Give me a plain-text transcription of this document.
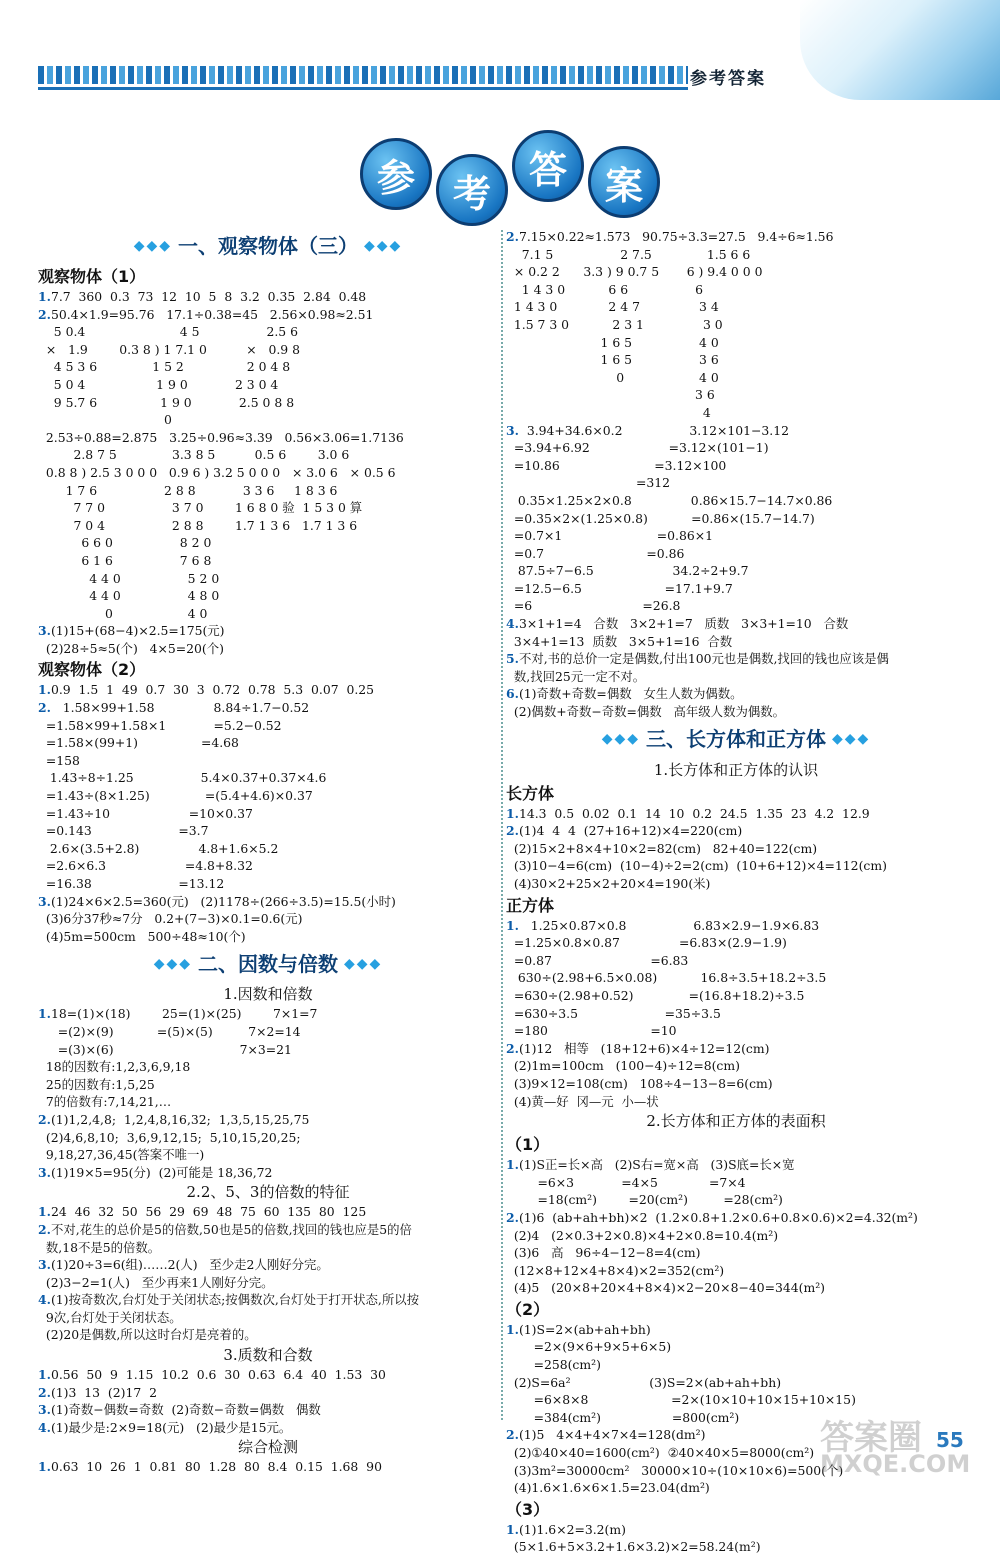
参考答案
参 考
答 案
◆◆◆ 一、观察物体（三） ◆◆◆
观察物体（1）
1.7.7  360  0.3  73  12  10  5  8  3.2  0.35  2.84  0.48
2.50.4×1.9=95.76   17.1÷0.38=45   2.56×0.98≈2.51
5 0.4                        4 5                 2.5 6
×   1.9        0.3 8 ) 1 7.1 0          ×   0.9 8
4 5 3 6              1 5 2                2 0 4 8
5 0 4                  1 9 0            2 3 0 4
9 5.7 6                1 9 0            2.5 0 8 8
0
2.53÷0.88=2.875   3.25÷0.96≈3.39   0.56×3.06=1.7136
2.8 7 5              3.3 8 5          0.5 6        3.0 6
0.8 8 ) 2.5 3 0 0 0   0.9 6 ) 3.2 5 0 0 0   × 3.0 6   × 0.5 6
1 7 6                 2 8 8            3 3 6     1 8 3 6
7 7 0                 3 7 0        1 6 8 0 验  1 5 3 0 算
7 0 4                 2 8 8        1.7 1 3 6   1.7 1 3 6
6 6 0                 8 2 0
6 1 6                 7 6 8
4 4 0                 5 2 0
4 4 0                 4 8 0
0                   4 0
3.(1)15+(68−4)×2.5=175(元)
(2)28÷5≈5(个)   4×5=20(个)
观察物体（2）
1.0.9  1.5  1  49  0.7  30  3  0.72  0.78  5.3  0.07  0.25
2.   1.58×99+1.58               8.84÷1.7−0.52
=1.58×99+1.58×1            =5.2−0.52
=1.58×(99+1)                =4.68
=158
1.43÷8÷1.25                 5.4×0.37+0.37×4.6
=1.43÷(8×1.25)              =(5.4+4.6)×0.37
=1.43÷10                    =10×0.37
=0.143                      =3.7
2.6×(3.5+2.8)               4.8+1.6×5.2
=2.6×6.3                    =4.8+8.32
=16.38                      =13.12
3.(1)24×6×2.5=360(元)   (2)1178÷(266÷3.5)=15.5(小时)
(3)6分37秒≈7分   0.2+(7−3)×0.1=0.6(元)
(4)5m=500cm   500÷48≈10(个)
◆◆◆ 二、因数与倍数 ◆◆◆
1.因数和倍数
1.18=(1)×(18)        25=(1)×(25)        7×1=7
=(2)×(9)           =(5)×(5)         7×2=14
=(3)×(6)                                7×3=21
18的因数有:1,2,3,6,9,18
25的因数有:1,5,25
7的倍数有:7,14,21,…
2.(1)1,2,4,8;  1,2,4,8,16,32;  1,3,5,15,25,75
(2)4,6,8,10;  3,6,9,12,15;  5,10,15,20,25;
9,18,27,36,45(答案不唯一)
3.(1)19×5=95(分)  (2)可能是 18,36,72
2.2、5、3的倍数的特征
1.24  46  32  50  56  29  69  48  75  60  135  80  125
2.不对,花生的总价是5的倍数,50也是5的倍数,找回的钱也应是5的倍
数,18不是5的倍数。
3.(1)20÷3=6(组)……2(人)   至少走2人刚好分完。
(2)3−2=1(人)   至少再来1人刚好分完。
4.(1)按奇数次,台灯处于关闭状态;按偶数次,台灯处于打开状态,所以按
9次,台灯处于关闭状态。
(2)20是偶数,所以这时台灯是亮着的。
3.质数和合数
1.0.56  50  9  1.15  10.2  0.6  30  0.63  6.4  40  1.53  30
2.(1)3  13  (2)17  2
3.(1)奇数−偶数=奇数  (2)奇数−奇数=偶数   偶数
4.(1)最少是:2×9=18(元)   (2)最少是15元。
综合检测
1.0.63  10  26  1  0.81  80  1.28  80  8.4  0.15  1.68  90
2.7.15×0.22≈1.573   90.75÷3.3=27.5   9.4÷6≈1.56
7.1 5                 2 7.5              1.5 6 6
× 0.2 2      3.3 ) 9 0.7 5       6 ) 9.4 0 0 0
1 4 3 0           6 6                 6
1 4 3 0             2 4 7               3 4
1.5 7 3 0           2 3 1               3 0
1 6 5                 4 0
1 6 5                 3 6
0                   4 0
3 6
4
3.  3.94+34.6×0.2                 3.12×101−3.12
=3.94+6.92                    =3.12×(101−1)
=10.86                        =3.12×100
=312
0.35×1.25×2×0.8               0.86×15.7−14.7×0.86
=0.35×2×(1.25×0.8)           =0.86×(15.7−14.7)
=0.7×1                        =0.86×1
=0.7                          =0.86
87.5÷7−6.5                    34.2÷2+9.7
=12.5−6.5                     =17.1+9.7
=6                            =26.8
4.3×1+1=4   合数   3×2+1=7   质数   3×3+1=10   合数
3×4+1=13  质数   3×5+1=16  合数
5.不对,书的总价一定是偶数,付出100元也是偶数,找回的钱也应该是偶
数,找回25元一定不对。
6.(1)奇数+奇数=偶数   女生人数为偶数。
(2)偶数+奇数−奇数=偶数   高年级人数为偶数。
◆◆◆ 三、长方体和正方体 ◆◆◆
1.长方体和正方体的认识
长方体
1.14.3  0.5  0.02  0.1  14  10  0.2  24.5  1.35  23  4.2  12.9
2.(1)4  4  4  (27+16+12)×4=220(cm)
(2)15×2+8×4+10×2=82(cm)   82+40=122(cm)
(3)10−4=6(cm)  (10−4)÷2=2(cm)  (10+6+12)×4=112(cm)
(4)30×2+25×2+20×4=190(米)
正方体
1.   1.25×0.87×0.8                 6.83×2.9−1.9×6.83
=1.25×0.8×0.87               =6.83×(2.9−1.9)
=0.87                         =6.83
630÷(2.98+6.5×0.08)           16.8÷3.5+18.2÷3.5
=630÷(2.98+0.52)              =(16.8+18.2)÷3.5
=630÷3.5                      =35÷3.5
=180                          =10
2.(1)12   相等   (18+12+6)×4÷12=12(cm)
(2)1m=100cm   (100−4)÷12=8(cm)
(3)9×12=108(cm)   108÷4−13−8=6(cm)
(4)黄—好  冈—元  小—状
2.长方体和正方体的表面积
（1）
1.(1)S正=长×高   (2)S右=宽×高   (3)S底=长×宽
=6×3            =4×5             =7×4
=18(cm²)        =20(cm²)         =28(cm²)
2.(1)6  (ab+ah+bh)×2  (1.2×0.8+1.2×0.6+0.8×0.6)×2=4.32(m²)
(2)4   (2×0.3+2×0.8)×4+2×0.8=10.4(m²)
(3)6   高   96÷4−12−8=4(cm)
(12×8+12×4+8×4)×2=352(cm²)
(4)5   (20×8+20×4+8×4)×2−20×8−40=344(m²)
（2）
1.(1)S=2×(ab+ah+bh)
=2×(9×6+9×5+6×5)
=258(cm²)
(2)S=6a²                    (3)S=2×(ab+ah+bh)
=6×8×8                     =2×(10×10+10×15+10×15)
=384(cm²)                  =800(cm²)
2.(1)5   4×4+4×7×4=128(dm²)
(2)①40×40=1600(cm²)  ②40×40×5=8000(cm²)
(3)3m²=30000cm²   30000×10÷(10×10×6)=500(个)
(4)1.6×1.6×6×1.5=23.04(dm²)
（3）
1.(1)1.6×2=3.2(m)
(5×1.6+5×3.2+1.6×3.2)×2=58.24(m²)
答案圈
MXQE.COM
55
